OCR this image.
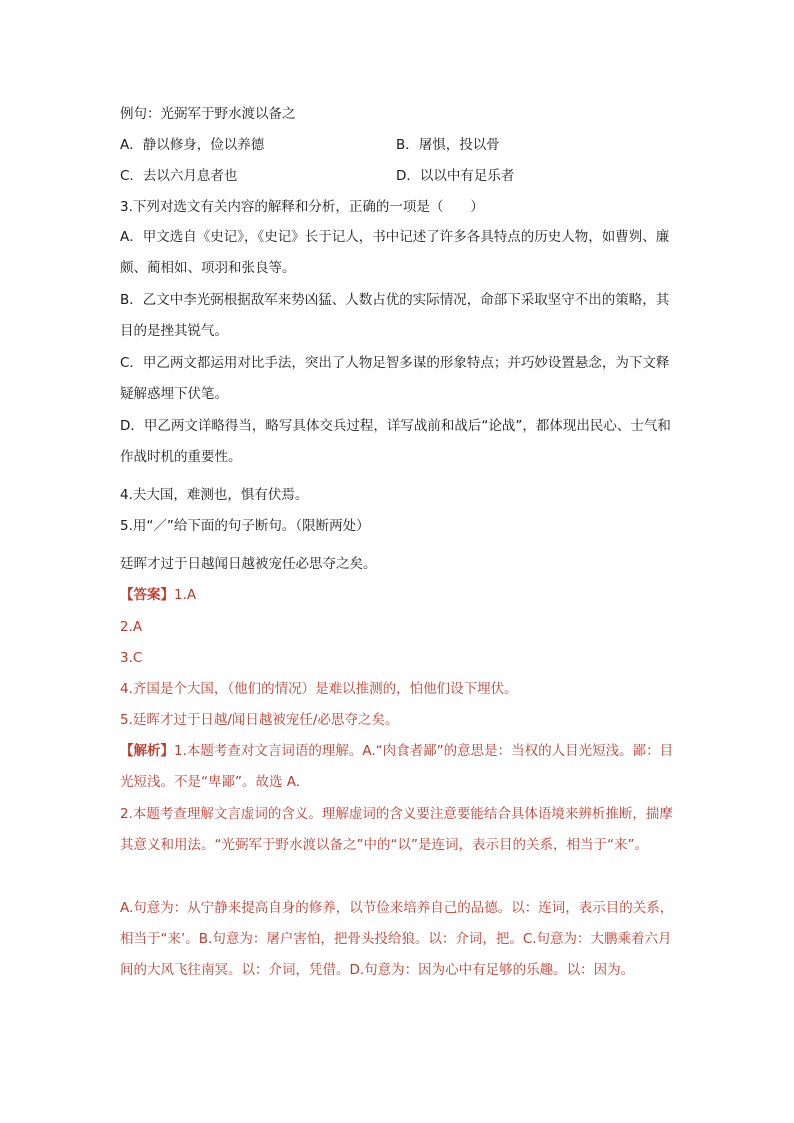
例句：光弼军于野水渡以备之
A．静以修身，俭以养德	B．屠惧，投以骨
C．去以六月息者也	D．以以中有足乐者
3.下列对选文有关内容的解释和分析，正确的一项是（　　）
A．甲文选自《史记》，《史记》长于记人，书中记述了许多各具特点的历史人物，如曹刿、廉颇、蔺相如、项羽和张良等。
B．乙文中李光弼根据敌军来势凶猛、人数占优的实际情况，命部下采取坚守不出的策略，其目的是挫其锐气。
C．甲乙两文都运用对比手法，突出了人物足智多谋的形象特点；并巧妙设置悬念，为下文释疑解惑埋下伏笔。
D．甲乙两文详略得当，略写具体交兵过程，详写战前和战后“论战”，都体现出民心、士气和作战时机的重要性。
4.夫大国，难测也，惧有伏焉。
5.用“／”给下面的句子断句。（限断两处）
廷晖才过于日越闻日越被宠任必思夺之矣。
【答案】1.A
2.A
3.C
4.齐国是个大国，（他们的情况）是难以推测的，怕他们设下埋伏。
5.廷晖才过于日越/闻日越被宠任/必思夺之矣。
【解析】1.本题考查对文言词语的理解。A.“肉食者鄙”的意思是：当权的人目光短浅。鄙：目光短浅。不是“卑鄙”。故选 A.
2.本题考查理解文言虚词的含义。理解虚词的含义要注意要能结合具体语境来辨析推断，揣摩其意义和用法。“光弼军于野水渡以备之”中的“以”是连词，表示目的关系，相当于“来”。
A.句意为：从宁静来提高自身的修养，以节俭来培养自己的品德。以：连词，表示目的关系，相当于“来’。B.句意为：屠户害怕，把骨头投给狼。以：介词，把。C.句意为：大鹏乘着六月间的大风飞往南冥。以：介词，凭借。D.句意为：因为心中有足够的乐趣。以：因为。
